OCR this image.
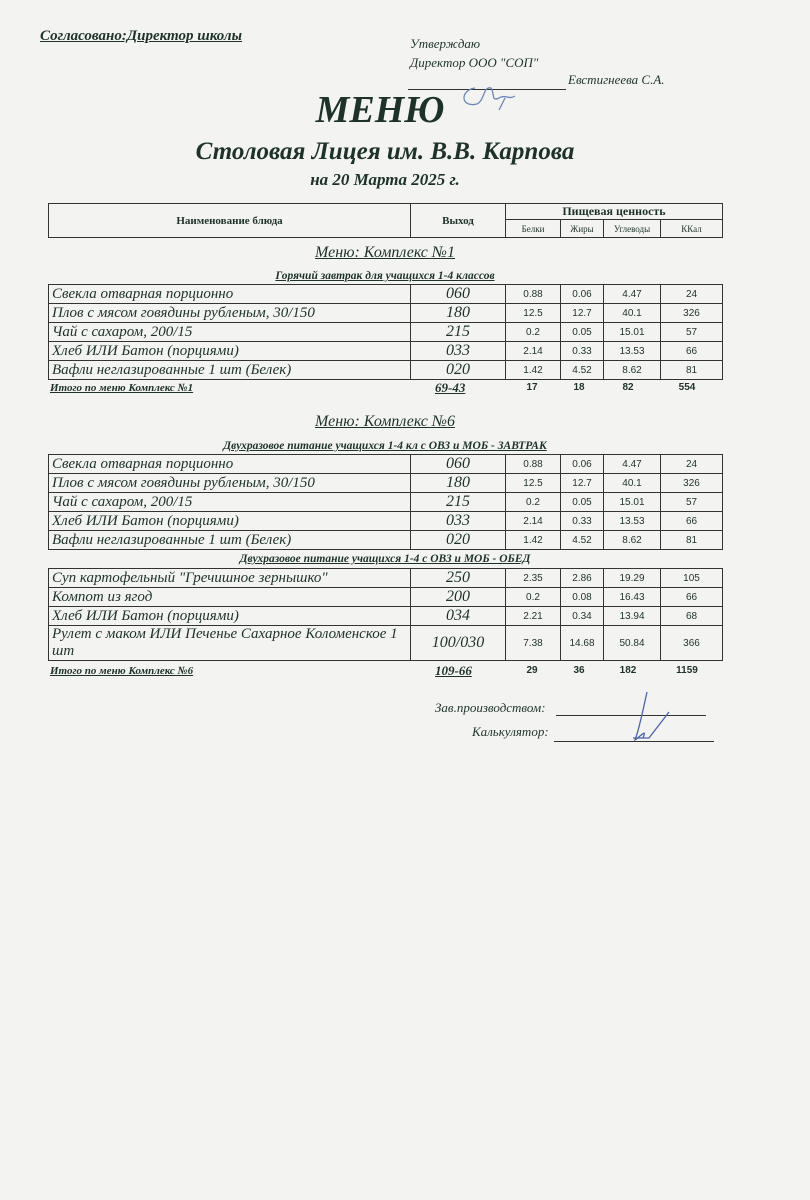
Согласовано:Директор школы	Утверждаю
Директор ООО "СОП"
Евстигнеева С.А.
МЕНЮ
Столовая Лицея им. В.В. Карпова
на 20 Марта 2025 г.
Наименование блюда	Выход	Пищевая ценность			
		Белки	Жиры	Углеводы	ККал
Меню: Комплекс №1
Горячий завтрак для учащихся 1-4 классов
Свекла отварная порционно	060	0.88	0.06	4.47	24
Плов с мясом говядины рубленым, 30/150	180	12.5	12.7	40.1	326
Чай с сахаром, 200/15	215	0.2	0.05	15.01	57
Хлеб ИЛИ Батон (порциями)	033	2.14	0.33	13.53	66
Вафли неглазированные 1 шт (Белек)	020	1.42	4.52	8.62	81
Итого по меню Комплекс №1	69-43	17	18	82	554
Меню: Комплекс №6
Двухразовое питание учащихся 1-4 кл с ОВЗ и МОБ - ЗАВТРАК
Свекла отварная порционно	060	0.88	0.06	4.47	24
Плов с мясом говядины рубленым, 30/150	180	12.5	12.7	40.1	326
Чай с сахаром, 200/15	215	0.2	0.05	15.01	57
Хлеб ИЛИ Батон (порциями)	033	2.14	0.33	13.53	66
Вафли неглазированные 1 шт (Белек)	020	1.42	4.52	8.62	81
Двухразовое питание учащихся 1-4 с ОВЗ и МОБ - ОБЕД
Суп картофельный "Гречишное зернышко"	250	2.35	2.86	19.29	105
Компот из ягод	200	0.2	0.08	16.43	66
Хлеб ИЛИ Батон (порциями)	034	2.21	0.34	13.94	68
Рулет с маком ИЛИ Печенье Сахарное Коломенское 1 шт	100/030	7.38	14.68	50.84	366
Итого по меню Комплекс №6	109-66	29	36	182	1159
Зав.производством:
Калькулятор:
